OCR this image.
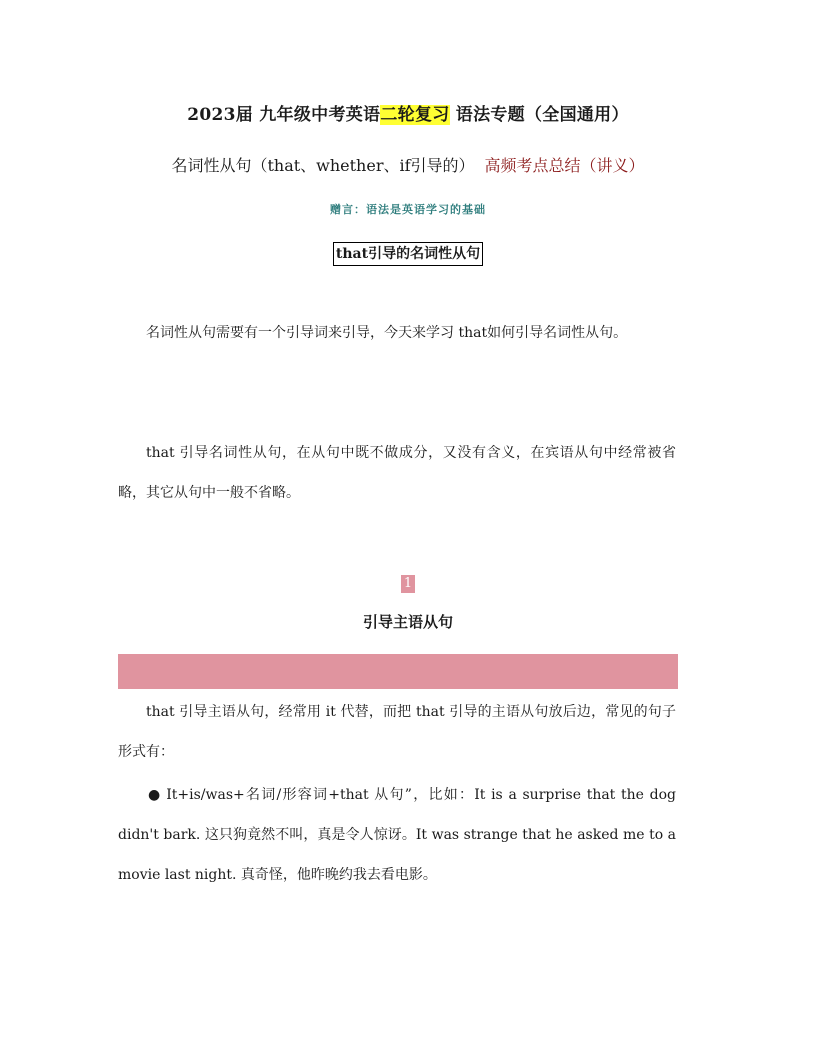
2023届 九年级中考英语二轮复习 语法专题（全国通用）
名词性从句（that、whether、if引导的） 高频考点总结（讲义）
赠言：语法是英语学习的基础
that引导的名词性从句
名词性从句需要有一个引导词来引导，今天来学习 that如何引导名词性从句。
that 引导名词性从句，在从句中既不做成分，又没有含义，在宾语从句中经常被省略，其它从句中一般不省略。
1
引导主语从句
that 引导主语从句，经常用 it 代替，而把 that 引导的主语从句放后边，常见的句子形式有：
● It+is/was+名词/形容词+that 从句”，比如：It is a surprise that the dog didn't bark. 这只狗竟然不叫，真是令人惊讶。It was strange that he asked me to a movie last night. 真奇怪，他昨晚约我去看电影。
